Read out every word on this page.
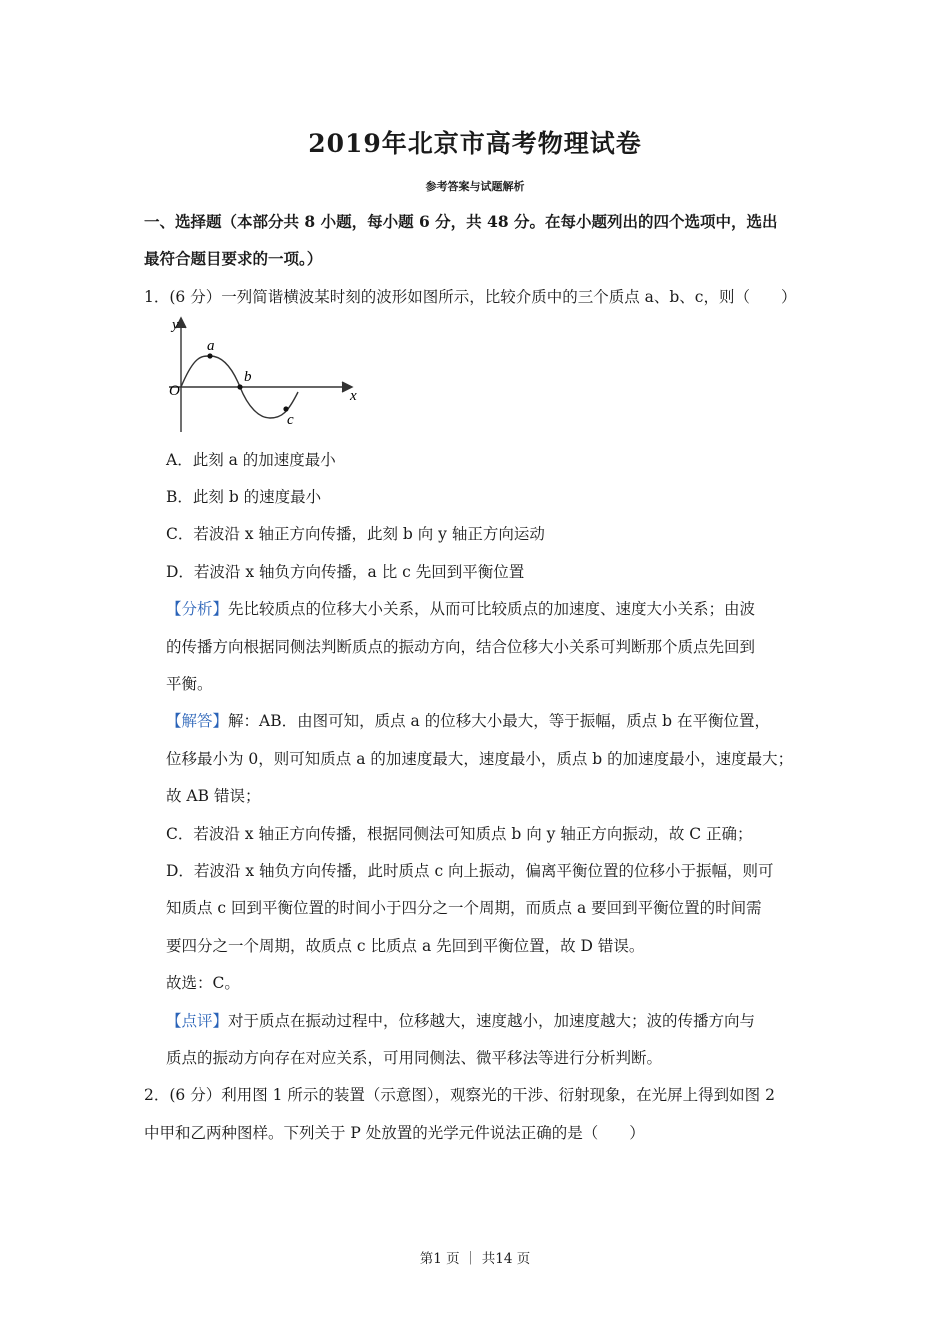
2019年北京市高考物理试卷
参考答案与试题解析
一、选择题（本部分共 8 小题，每小题 6 分，共 48 分。在每小题列出的四个选项中，选出
最符合题目要求的一项。）
1．(6 分）一列简谐横波某时刻的波形如图所示，比较介质中的三个质点 a、b、c，则（　　）
y
O	x
a
b
c
A．此刻 a 的加速度最小
B．此刻 b 的速度最小
C．若波沿 x 轴正方向传播，此刻 b 向 y 轴正方向运动
D．若波沿 x 轴负方向传播，a 比 c 先回到平衡位置
【分析】先比较质点的位移大小关系，从而可比较质点的加速度、速度大小关系；由波
的传播方向根据同侧法判断质点的振动方向，结合位移大小关系可判断那个质点先回到
平衡。
【解答】解：AB．由图可知，质点 a 的位移大小最大，等于振幅，质点 b 在平衡位置，
位移最小为 0，则可知质点 a 的加速度最大，速度最小，质点 b 的加速度最小，速度最大；
故 AB 错误；
C．若波沿 x 轴正方向传播，根据同侧法可知质点 b 向 y 轴正方向振动，故 C 正确；
D．若波沿 x 轴负方向传播，此时质点 c 向上振动，偏离平衡位置的位移小于振幅，则可
知质点 c 回到平衡位置的时间小于四分之一个周期，而质点 a 要回到平衡位置的时间需
要四分之一个周期，故质点 c 比质点 a 先回到平衡位置，故 D 错误。
故选：C。
【点评】对于质点在振动过程中，位移越大，速度越小，加速度越大；波的传播方向与
质点的振动方向存在对应关系，可用同侧法、微平移法等进行分析判断。
2．(6 分）利用图 1 所示的装置（示意图），观察光的干涉、衍射现象，在光屏上得到如图 2
中甲和乙两种图样。下列关于 P 处放置的光学元件说法正确的是（　　）
第1 页 ｜ 共14 页
